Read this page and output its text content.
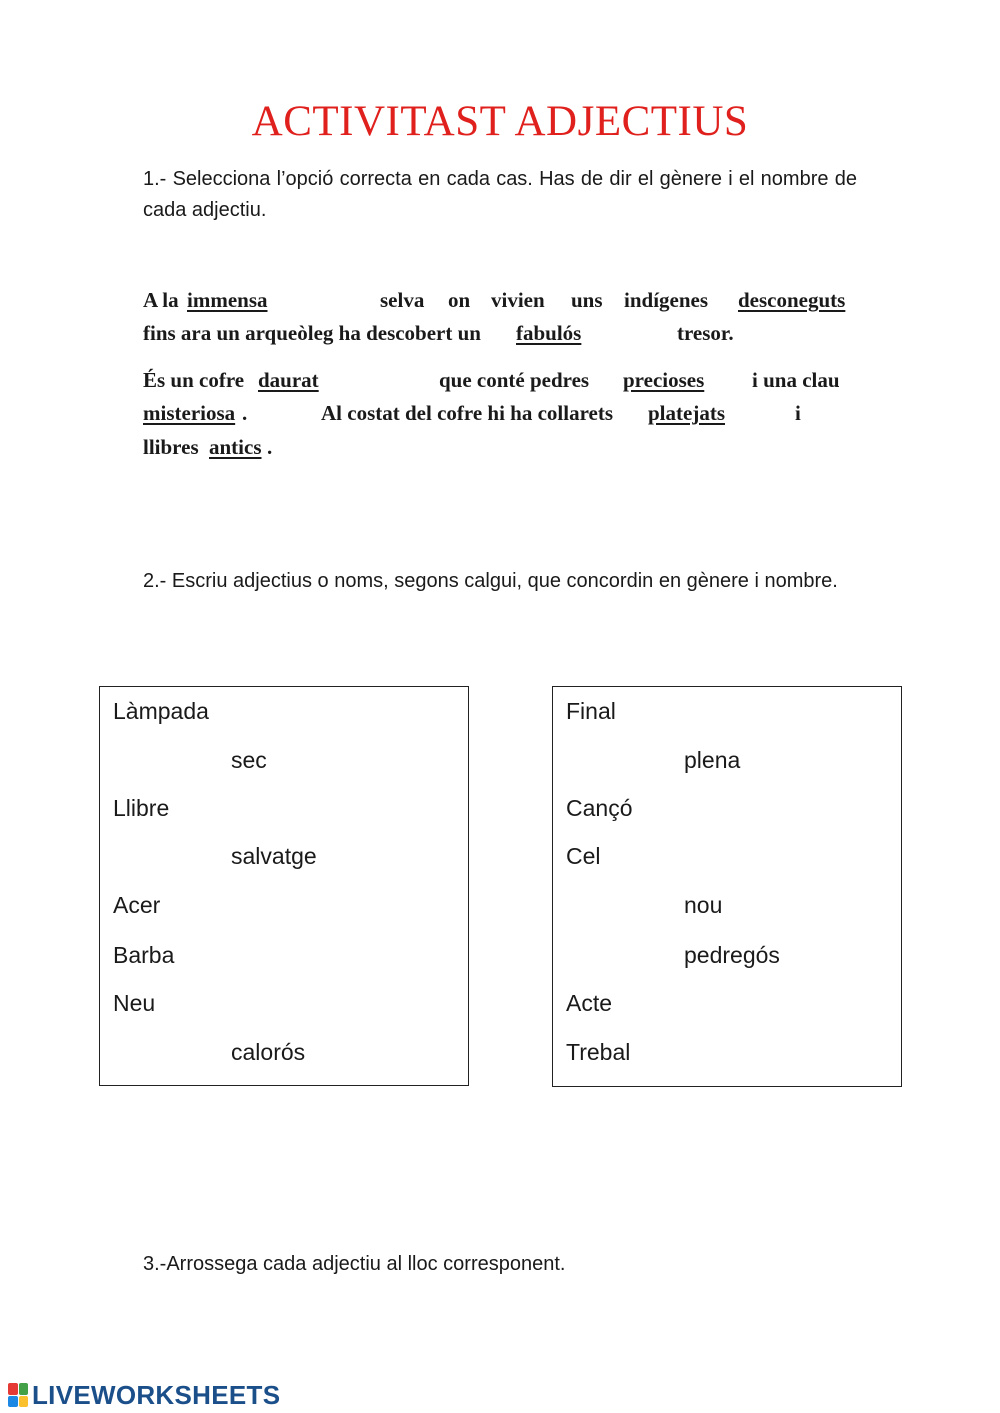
ACTIVITAST ADJECTIUS
1.- Selecciona l’opció correcta en cada cas. Has de dir el gènere i el nombre de cada adjectiu.
A la immensa	selva on vivien uns indígenes desconeguts
fins ara un arqueòleg ha descobert un fabulós	tresor.
És un cofre daurat	que conté pedres precioses i una clau
misteriosa .	Al costat del cofre hi ha collarets platejats	i
llibres antics .
2.- Escriu adjectius o noms, segons calgui, que concordin en gènere i nombre.
Làmpada
sec
Llibre
salvatge
Acer
Barba
Neu
calorós
Final
plena
Cançó
Cel
nou
pedregós
Acte
Trebal
3.-Arrossega cada adjectiu al lloc corresponent.
LIVEWORKSHEETS
